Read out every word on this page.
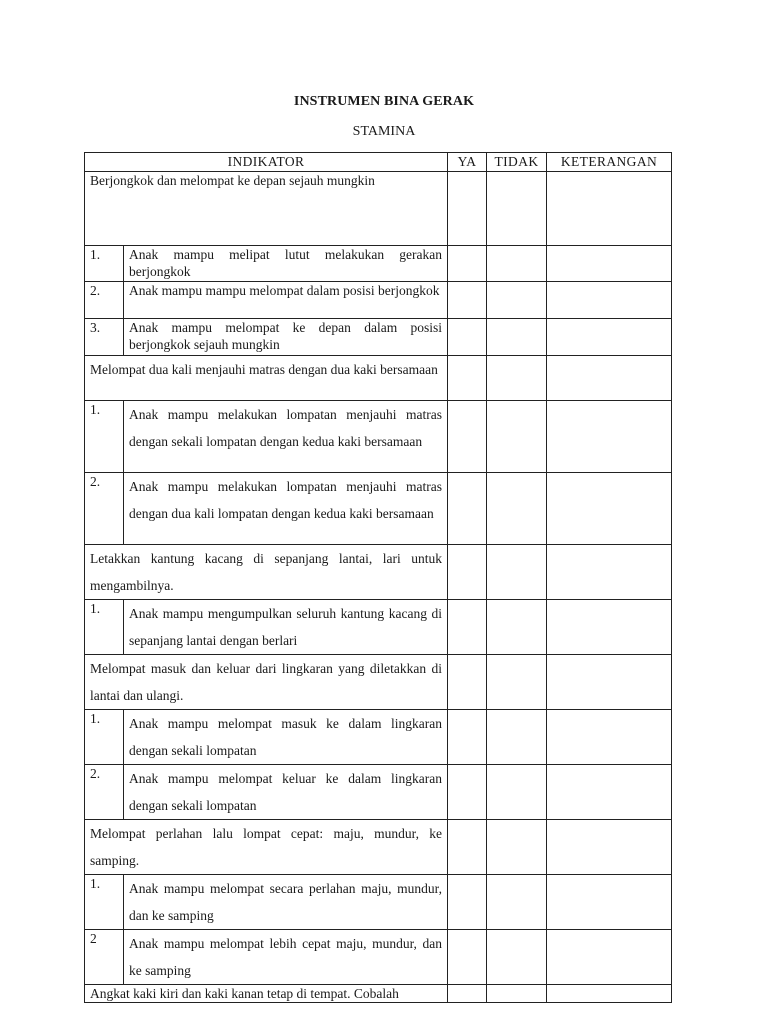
INSTRUMEN BINA GERAK
STAMINA
INDIKATOR		YA	TIDAK	KETERANGAN
Berjongkok dan melompat ke depan sejauh mungkin				
1.	Anak mampu melipat lutut melakukan gerakan berjongkok			
2.	Anak mampu mampu melompat dalam posisi berjongkok			
3.	Anak mampu melompat ke depan dalam posisi berjongkok sejauh mungkin			
Melompat dua kali menjauhi matras dengan dua kaki bersamaan				
1.	Anak mampu melakukan lompatan menjauhi matras dengan sekali lompatan dengan kedua kaki bersamaan			
2.	Anak mampu melakukan lompatan menjauhi matras dengan dua kali lompatan dengan kedua kaki bersamaan			
Letakkan kantung kacang di sepanjang lantai, lari untuk mengambilnya.				
1.	Anak mampu mengumpulkan seluruh kantung kacang di sepanjang lantai dengan berlari			
Melompat masuk dan keluar dari lingkaran yang diletakkan di lantai dan ulangi.				
1.	Anak mampu melompat masuk ke dalam lingkaran dengan sekali lompatan			
2.	Anak mampu melompat keluar ke dalam lingkaran dengan sekali lompatan			
Melompat perlahan lalu lompat cepat: maju, mundur, ke samping.				
1.	Anak mampu melompat secara perlahan maju, mundur, dan ke samping			
2	Anak mampu melompat lebih cepat maju, mundur, dan ke samping			
Angkat kaki kiri dan kaki kanan tetap di tempat. Cobalah				
